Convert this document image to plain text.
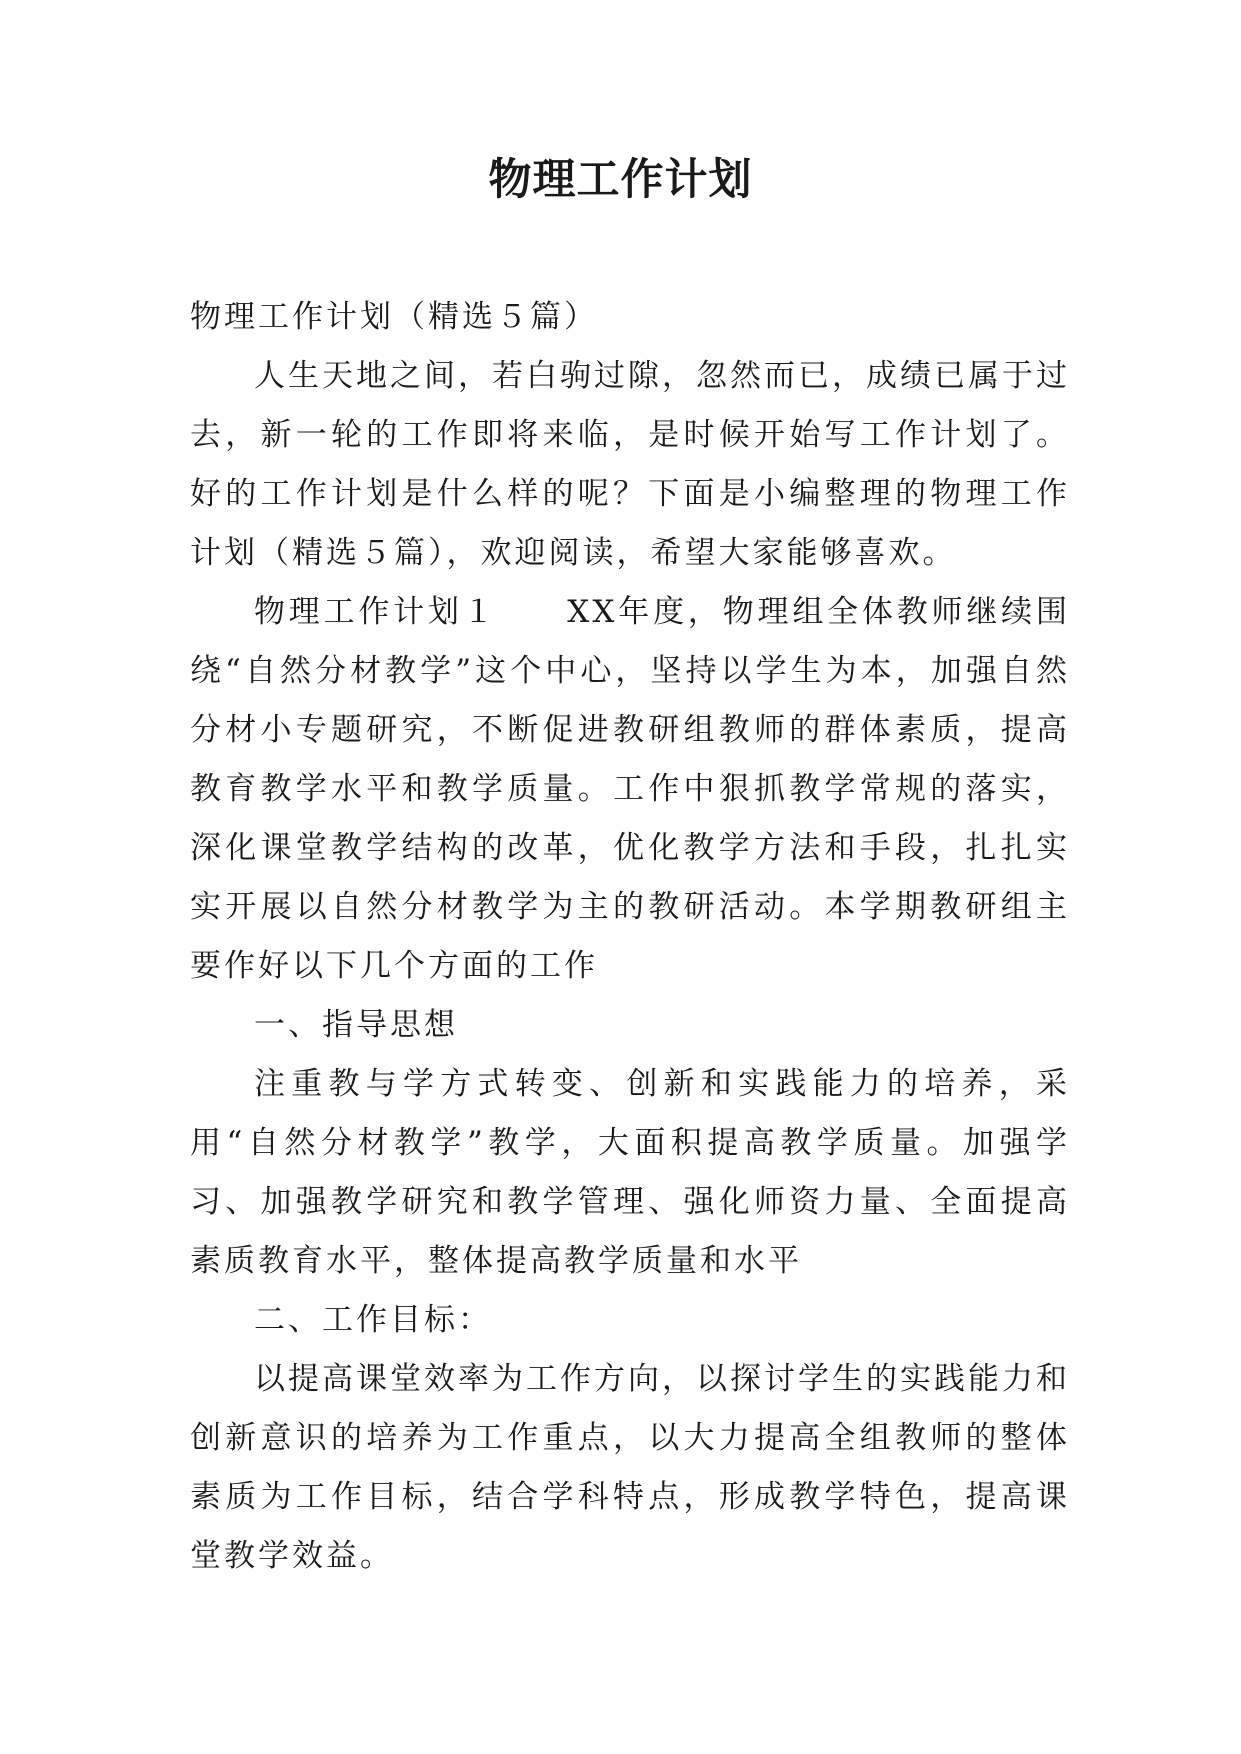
物理工作计划

物理工作计划（精选５篇）

人生天地之间，若白驹过隙，忽然而已，成绩已属于过去，新一轮的工作即将来临，是时候开始写工作计划了。好的工作计划是什么样的呢？下面是小编整理的物理工作计划（精选５篇），欢迎阅读，希望大家能够喜欢。

物理工作计划１　　XX年度，物理组全体教师继续围绕“自然分材教学”这个中心，坚持以学生为本，加强自然分材小专题研究，不断促进教研组教师的群体素质，提高教育教学水平和教学质量。工作中狠抓教学常规的落实，深化课堂教学结构的改革，优化教学方法和手段，扎扎实实开展以自然分材教学为主的教研活动。本学期教研组主要作好以下几个方面的工作

一、指导思想

注重教与学方式转变、创新和实践能力的培养，采用“自然分材教学”教学，大面积提高教学质量。加强学习、加强教学研究和教学管理、强化师资力量、全面提高素质教育水平，整体提高教学质量和水平

二、工作目标：

以提高课堂效率为工作方向，以探讨学生的实践能力和创新意识的培养为工作重点，以大力提高全组教师的整体素质为工作目标，结合学科特点，形成教学特色，提高课堂教学效益。
